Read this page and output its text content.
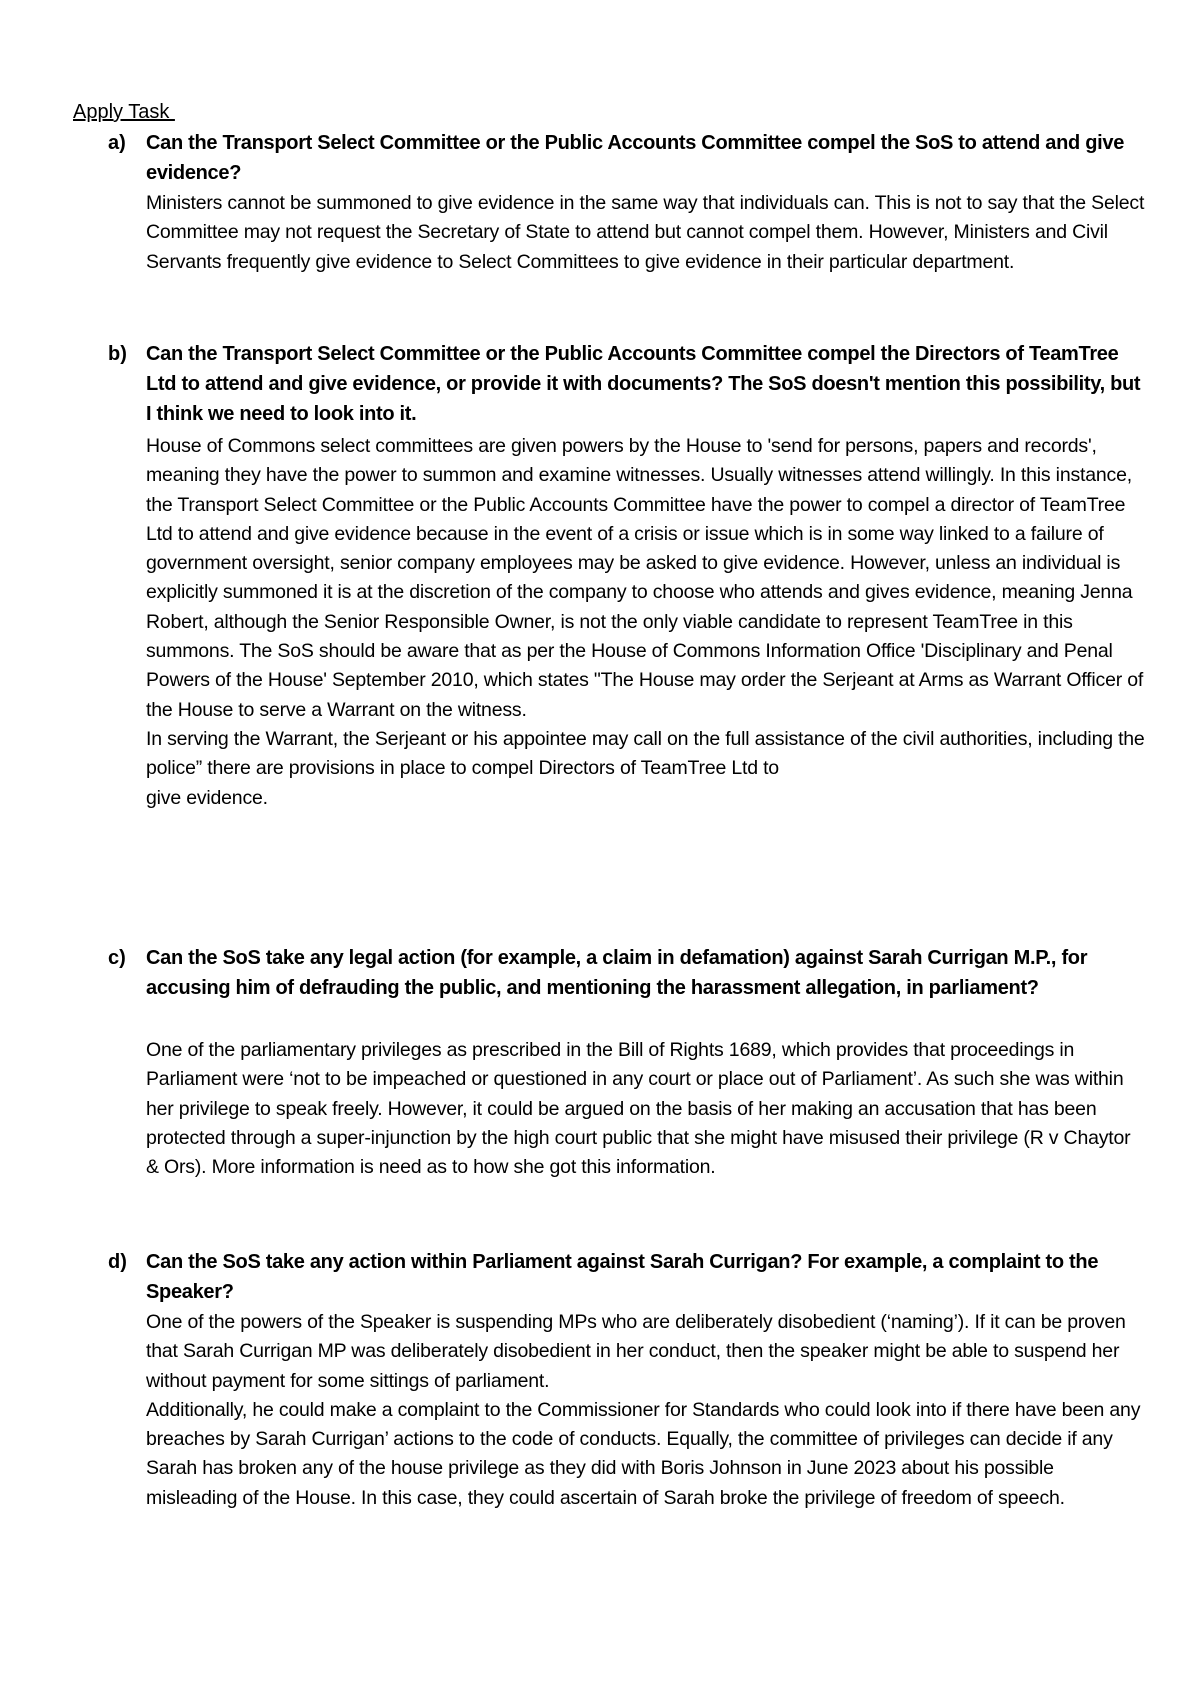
Apply Task
a) Can the Transport Select Committee or the Public Accounts Committee compel the SoS to attend and give evidence?

Ministers cannot be summoned to give evidence in the same way that individuals can. This is not to say that the Select Committee may not request the Secretary of State to attend but cannot compel them. However, Ministers and Civil Servants frequently give evidence to Select Committees to give evidence in their particular department.

b) Can the Transport Select Committee or the Public Accounts Committee compel the Directors of TeamTree Ltd to attend and give evidence, or provide it with documents? The SoS doesn't mention this possibility, but I think we need to look into it.

House of Commons select committees are given powers by the House to 'send for persons, papers and records', meaning they have the power to summon and examine witnesses. Usually witnesses attend willingly. In this instance, the Transport Select Committee or the Public Accounts Committee have the power to compel a director of TeamTree Ltd to attend and give evidence because in the event of a crisis or issue which is in some way linked to a failure of government oversight, senior company employees may be asked to give evidence. However, unless an individual is explicitly summoned it is at the discretion of the company to choose who attends and gives evidence, meaning Jenna Robert, although the Senior Responsible Owner, is not the only viable candidate to represent TeamTree in this summons. The SoS should be aware that as per the House of Commons Information Office 'Disciplinary and Penal Powers of the House' September 2010, which states "The House may order the Serjeant at Arms as Warrant Officer of the House to serve a Warrant on the witness.

In serving the Warrant, the Serjeant or his appointee may call on the full assistance of the civil authorities, including the police” there are provisions in place to compel Directors of TeamTree Ltd to

give evidence.

c) Can the SoS take any legal action (for example, a claim in defamation) against Sarah Currigan M.P., for accusing him of defrauding the public, and mentioning the harassment allegation, in parliament?

One of the parliamentary privileges as prescribed in the Bill of Rights 1689, which provides that proceedings in Parliament were ‘not to be impeached or questioned in any court or place out of Parliament’. As such she was within her privilege to speak freely. However, it could be argued on the basis of her making an accusation that has been protected through a super-injunction by the high court public that she might have misused their privilege (R v Chaytor & Ors). More information is need as to how she got this information.

d) Can the SoS take any action within Parliament against Sarah Currigan? For example, a complaint to the Speaker?

One of the powers of the Speaker is suspending MPs who are deliberately disobedient (‘naming’). If it can be proven that Sarah Currigan MP was deliberately disobedient in her conduct, then the speaker might be able to suspend her without payment for some sittings of parliament.

Additionally, he could make a complaint to the Commissioner for Standards who could look into if there have been any breaches by Sarah Currigan’ actions to the code of conducts. Equally, the committee of privileges can decide if any Sarah has broken any of the house privilege as they did with Boris Johnson in June 2023 about his possible misleading of the House. In this case, they could ascertain of Sarah broke the privilege of freedom of speech.
